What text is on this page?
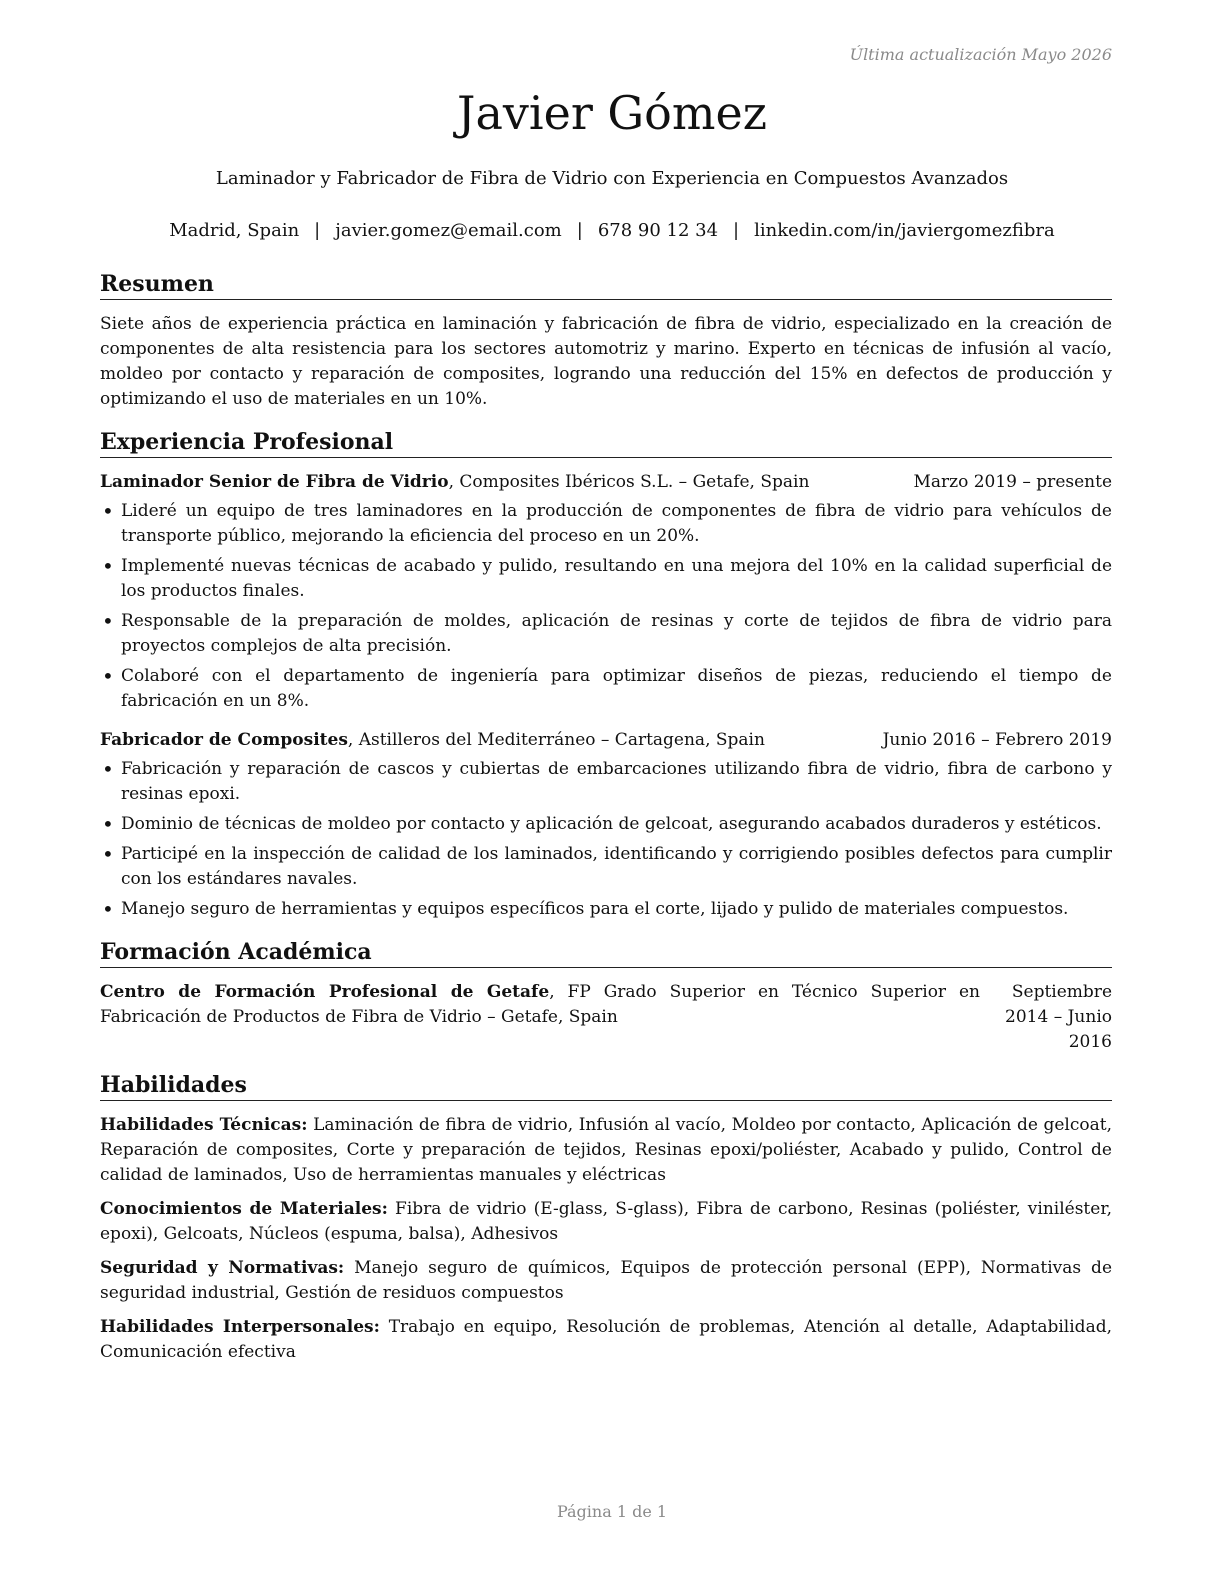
Última actualización Mayo 2026
Javier Gómez
Laminador y Fabricador de Fibra de Vidrio con Experiencia en Compuestos Avanzados
Madrid, Spain | javier.gomez@email.com | 678 90 12 34 | linkedin.com/in/javiergomezfibra
Resumen
Siete años de experiencia práctica en laminación y fabricación de fibra de vidrio, especializado en la creación de componentes de alta resistencia para los sectores automotriz y marino. Experto en técnicas de infusión al vacío, moldeo por contacto y reparación de composites, logrando una reducción del 15% en defectos de producción y optimizando el uso de materiales en un 10%.
Experiencia Profesional
Laminador Senior de Fibra de Vidrio, Composites Ibéricos S.L. – Getafe, Spain	Marzo 2019 – presente
• Lideré un equipo de tres laminadores en la producción de componentes de fibra de vidrio para vehículos de transporte público, mejorando la eficiencia del proceso en un 20%.
• Implementé nuevas técnicas de acabado y pulido, resultando en una mejora del 10% en la calidad superficial de los productos finales.
• Responsable de la preparación de moldes, aplicación de resinas y corte de tejidos de fibra de vidrio para proyectos complejos de alta precisión.
• Colaboré con el departamento de ingeniería para optimizar diseños de piezas, reduciendo el tiempo de fabricación en un 8%.
Fabricador de Composites, Astilleros del Mediterráneo – Cartagena, Spain	Junio 2016 – Febrero 2019
• Fabricación y reparación de cascos y cubiertas de embarcaciones utilizando fibra de vidrio, fibra de carbono y resinas epoxi.
• Dominio de técnicas de moldeo por contacto y aplicación de gelcoat, asegurando acabados duraderos y estéticos.
• Participé en la inspección de calidad de los laminados, identificando y corrigiendo posibles defectos para cumplir con los estándares navales.
• Manejo seguro de herramientas y equipos específicos para el corte, lijado y pulido de materiales compuestos.
Formación Académica
Centro de Formación Profesional de Getafe, FP Grado Superior en Técnico Superior en Fabricación de Productos de Fibra de Vidrio – Getafe, Spain
Septiembre 2014 – Junio 2016
Habilidades
Habilidades Técnicas: Laminación de fibra de vidrio, Infusión al vacío, Moldeo por contacto, Aplicación de gelcoat, Reparación de composites, Corte y preparación de tejidos, Resinas epoxi/poliéster, Acabado y pulido, Control de calidad de laminados, Uso de herramientas manuales y eléctricas
Conocimientos de Materiales: Fibra de vidrio (E-glass, S-glass), Fibra de carbono, Resinas (poliéster, viniléster, epoxi), Gelcoats, Núcleos (espuma, balsa), Adhesivos
Seguridad y Normativas: Manejo seguro de químicos, Equipos de protección personal (EPP), Normativas de seguridad industrial, Gestión de residuos compuestos
Habilidades Interpersonales: Trabajo en equipo, Resolución de problemas, Atención al detalle, Adaptabilidad, Comunicación efectiva
Página 1 de 1
